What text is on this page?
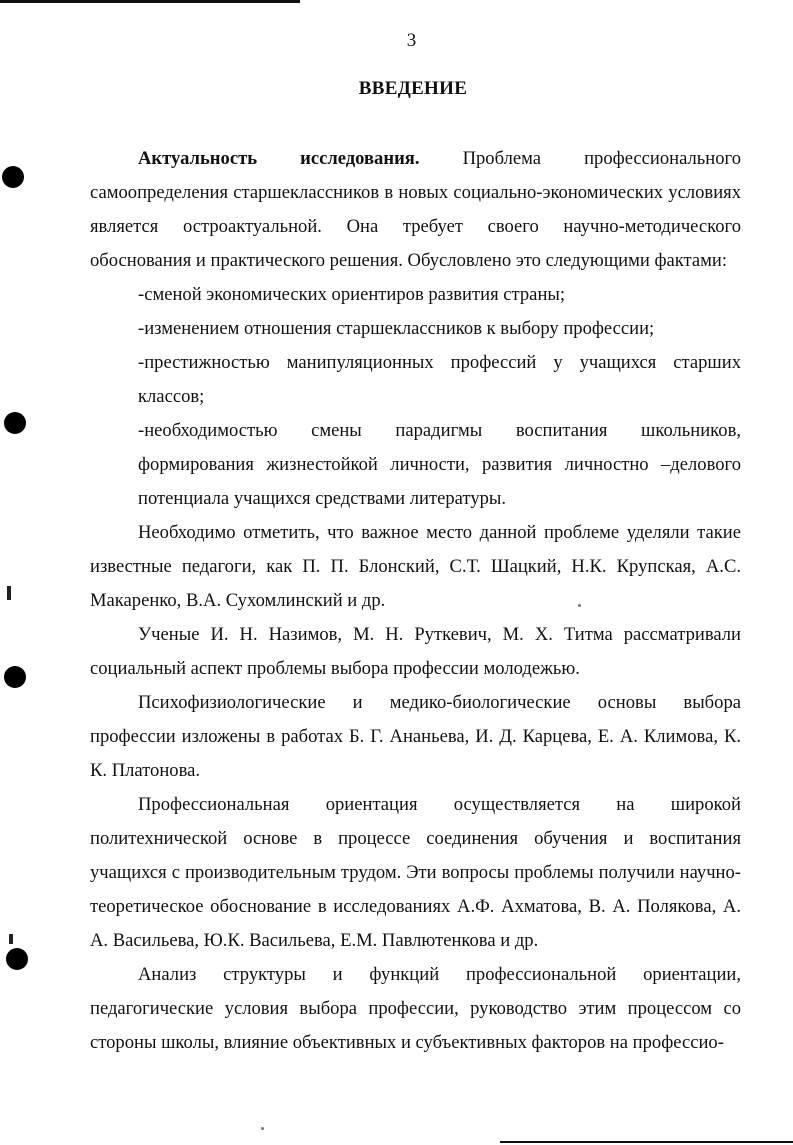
3
ВВЕДЕНИЕ

Актуальность исследования. Проблема профессионального самоопределения старшеклассников в новых социально-экономических условиях является остроактуальной. Она требует своего научно-методического обоснования и практического решения. Обусловлено это следующими фактами:

-сменой экономических ориентиров развития страны;
-изменением отношения старшеклассников к выбору профессии;
-престижностью манипуляционных профессий у учащихся старших классов;
-необходимостью смены парадигмы воспитания школьников, формирования жизнестойкой личности, развития личностно –делового потенциала учащихся средствами литературы.

Необходимо отметить, что важное место данной проблеме уделяли такие известные педагоги, как П. П. Блонский, С.Т. Шацкий, Н.К. Крупская, А.С. Макаренко, В.А. Сухомлинский и др.

Ученые И. Н. Назимов, М. Н. Руткевич, М. Х. Титма рассматривали социальный аспект проблемы выбора профессии молодежью.

Психофизиологические и медико-биологические основы выбора профессии изложены в работах Б. Г. Ананьева, И. Д. Карцева, Е. А. Климова, К. К. Платонова.

Профессиональная ориентация осуществляется на широкой политехнической основе в процессе соединения обучения и воспитания учащихся с производительным трудом. Эти вопросы проблемы получили научно-теоретическое обоснование в исследованиях А.Ф. Ахматова, В. А. Полякова, А. А. Васильева, Ю.К. Васильева, Е.М. Павлютенкова и др.

Анализ структуры и функций профессиональной ориентации, педагогические условия выбора профессии, руководство этим процессом со стороны школы, влияние объективных и субъективных факторов на профессио-
